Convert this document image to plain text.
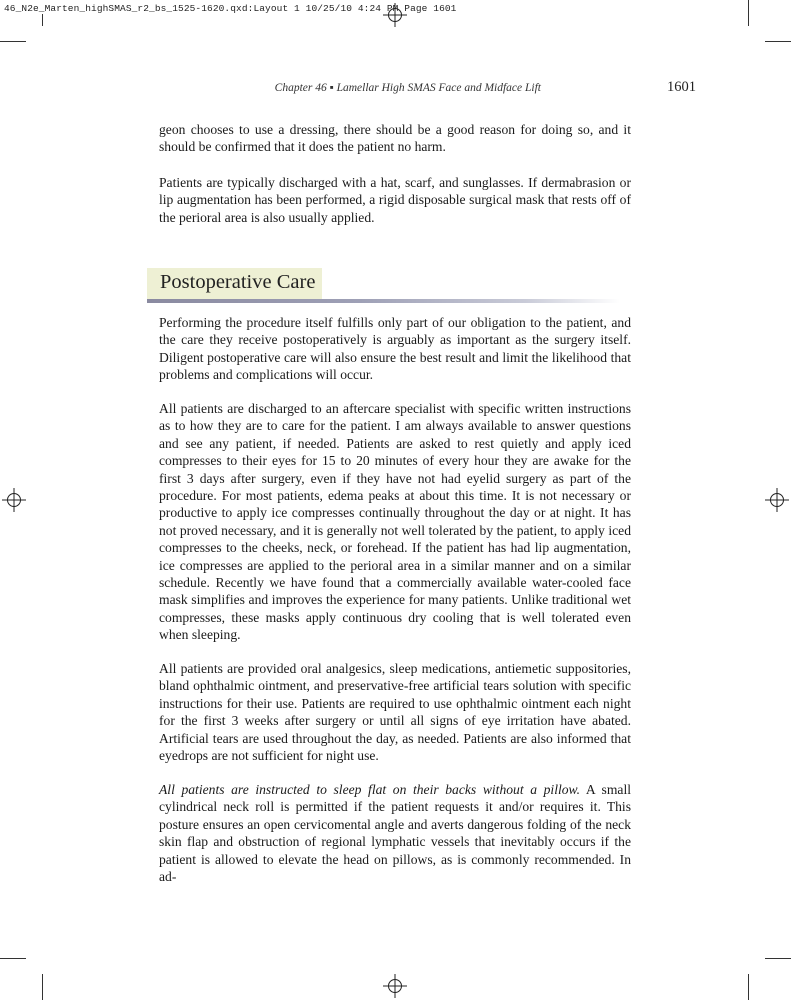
46_N2e_Marten_highSMAS_r2_bs_1525-1620.qxd:Layout 1 10/25/10 4:24 PM Page 1601
Chapter 46 ▪ Lamellar High SMAS Face and Midface Lift	1601

geon chooses to use a dressing, there should be a good reason for doing so, and it should be confirmed that it does the patient no harm.

Patients are typically discharged with a hat, scarf, and sunglasses. If dermabrasion or lip augmentation has been performed, a rigid disposable surgical mask that rests off of the perioral area is also usually applied.

Postoperative Care

Performing the procedure itself fulfills only part of our obligation to the patient, and the care they receive postoperatively is arguably as important as the surgery itself. Diligent postoperative care will also ensure the best result and limit the likelihood that problems and complications will occur.

All patients are discharged to an aftercare specialist with specific written instructions as to how they are to care for the patient. I am always available to answer questions and see any patient, if needed. Patients are asked to rest quietly and apply iced compresses to their eyes for 15 to 20 minutes of every hour they are awake for the first 3 days after surgery, even if they have not had eyelid surgery as part of the procedure. For most patients, edema peaks at about this time. It is not necessary or productive to apply ice compresses continually throughout the day or at night. It has not proved necessary, and it is generally not well tolerated by the patient, to apply iced compresses to the cheeks, neck, or forehead. If the patient has had lip augmentation, ice compresses are applied to the perioral area in a similar manner and on a similar schedule. Recently we have found that a commercially available water-cooled face mask simplifies and improves the experience for many patients. Unlike traditional wet compresses, these masks apply continuous dry cooling that is well tolerated even when sleeping.

All patients are provided oral analgesics, sleep medications, antiemetic suppositories, bland ophthalmic ointment, and preservative-free artificial tears solution with specific instructions for their use. Patients are required to use ophthalmic ointment each night for the first 3 weeks after surgery or until all signs of eye irritation have abated. Artificial tears are used throughout the day, as needed. Patients are also informed that eyedrops are not sufficient for night use.

All patients are instructed to sleep flat on their backs without a pillow. A small cylindrical neck roll is permitted if the patient requests it and/or requires it. This posture ensures an open cervicomental angle and averts dangerous folding of the neck skin flap and obstruction of regional lymphatic vessels that inevitably occurs if the patient is allowed to elevate the head on pillows, as is commonly recommended. In ad-
